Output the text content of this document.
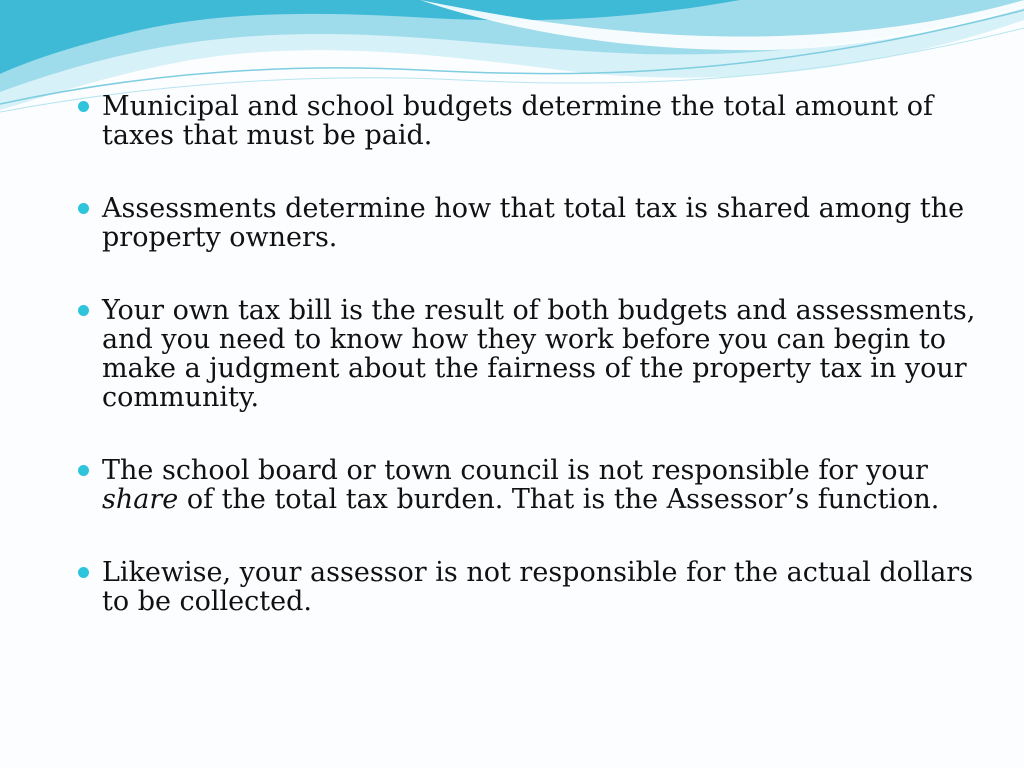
Municipal and school budgets determine the total amount of taxes that must be paid.
Assessments determine how that total tax is shared among the property owners.
Your own tax bill is the result of both budgets and assessments, and you need to know how they work before you can begin to make a judgment about the fairness of the property tax in your community.
The school board or town council is not responsible for your share of the total tax burden. That is the Assessor’s function.
Likewise, your assessor is not responsible for the actual dollars to be collected.
